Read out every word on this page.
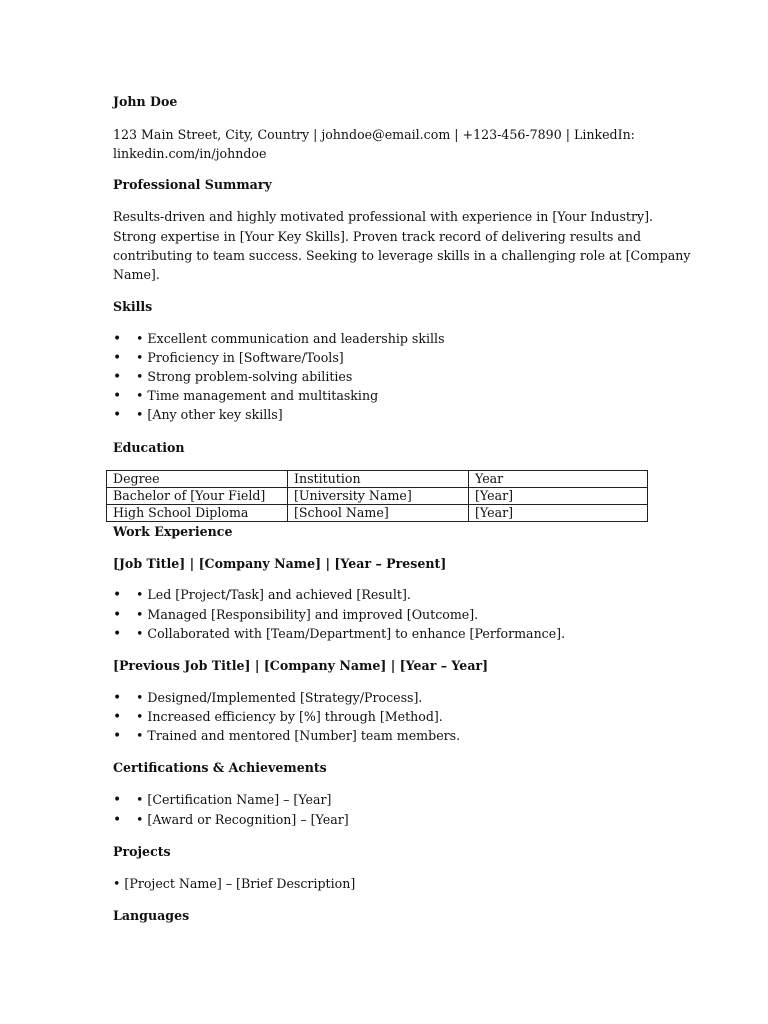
John Doe
123 Main Street, City, Country | johndoe@email.com | +123-456-7890 | LinkedIn:
linkedin.com/in/johndoe
Professional Summary
Results-driven and highly motivated professional with experience in [Your Industry].
Strong expertise in [Your Key Skills]. Proven track record of delivering results and
contributing to team success. Seeking to leverage skills in a challenging role at [Company
Name].
Skills
• • Excellent communication and leadership skills
• • Proficiency in [Software/Tools]
• • Strong problem-solving abilities
• • Time management and multitasking
• • [Any other key skills]
Education
Degree	Institution	Year
Bachelor of [Your Field]	[University Name]	[Year]
High School Diploma	[School Name]	[Year]
Work Experience
[Job Title] | [Company Name] | [Year – Present]
• • Led [Project/Task] and achieved [Result].
• • Managed [Responsibility] and improved [Outcome].
• • Collaborated with [Team/Department] to enhance [Performance].
[Previous Job Title] | [Company Name] | [Year – Year]
• • Designed/Implemented [Strategy/Process].
• • Increased efficiency by [%] through [Method].
• • Trained and mentored [Number] team members.
Certifications & Achievements
• • [Certification Name] – [Year]
• • [Award or Recognition] – [Year]
Projects
• [Project Name] – [Brief Description]
Languages
